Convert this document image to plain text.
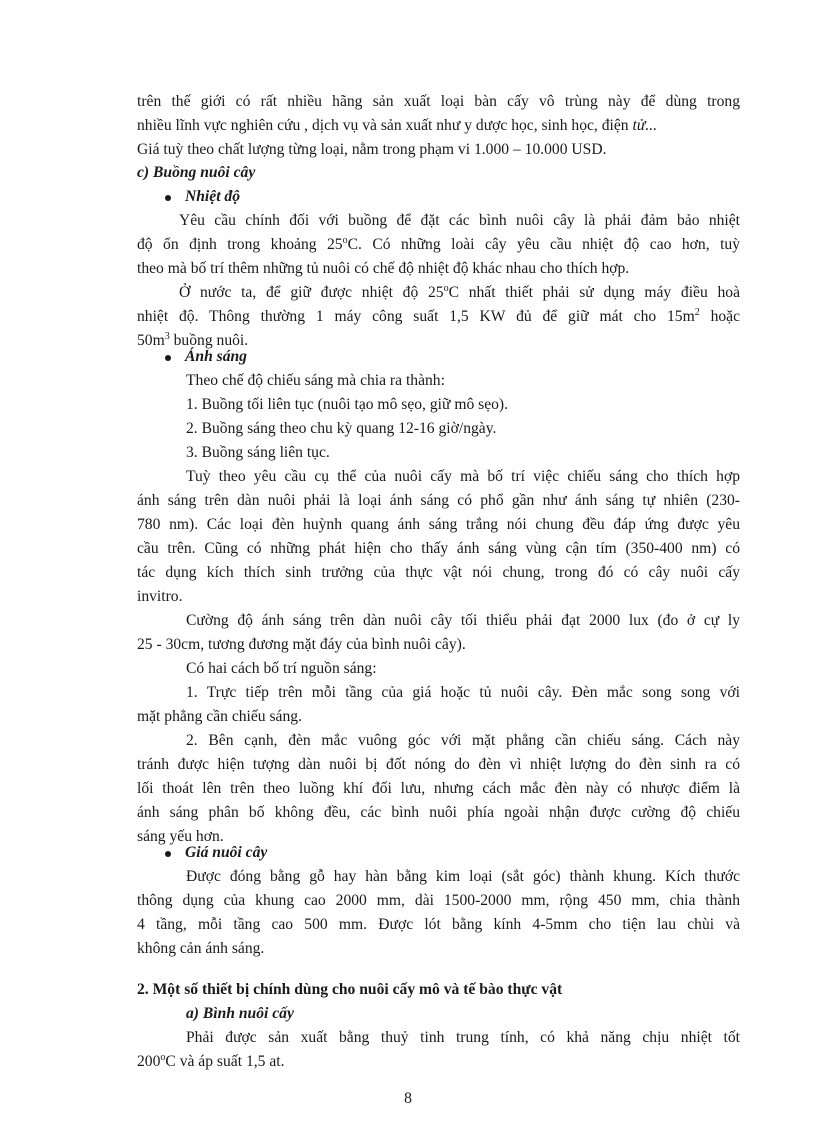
trên thế giới có rất nhiều hãng sản xuất loại bàn cấy vô trùng này để dùng trong
nhiều lĩnh vực nghiên cứu , dịch vụ và sản xuất như y dược học, sinh học, điện tử...
Giá tuỳ theo chất lượng từng loại, nằm trong phạm vi 1.000 – 10.000 USD.
c) Buồng nuôi cây
Nhiệt độ
Yêu cầu chính đối với buồng để đặt các bình nuôi cây là phải đảm bảo nhiệt
độ ổn định trong khoảng 25$^o$C. Có những loài cây yêu cầu nhiệt độ cao hơn, tuỳ
theo mà bố trí thêm những tủ nuôi có chế độ nhiệt độ khác nhau cho thích hợp.
Ở nước ta, để giữ được nhiệt độ 25$^o$C nhất thiết phải sử dụng máy điều hoà
nhiệt độ. Thông thường 1 máy công suất 1,5 KW đủ để giữ mát cho $15m^2$ hoặc
$50m^3$ buồng nuôi.
Ánh sáng
Theo chế độ chiếu sáng mà chia ra thành:
1. Buồng tối liên tục (nuôi tạo mô sẹo, giữ mô sẹo).
2. Buồng sáng theo chu kỳ quang 12-16 giờ/ngày.
3. Buồng sáng liên tục.
Tuỳ theo yêu cầu cụ thể của nuôi cấy mà bố trí việc chiếu sáng cho thích hợp
ánh sáng trên dàn nuôi phải là loại ánh sáng có phổ gần như ánh sáng tự nhiên (230-
780 nm). Các loại đèn huỳnh quang ánh sáng trắng nói chung đều đáp ứng được yêu
cầu trên. Cũng có những phát hiện cho thấy ánh sáng vùng cận tím (350-400 nm) có
tác dụng kích thích sinh trưởng của thực vật nói chung, trong đó có cây nuôi cấy
invitro.
Cường độ ánh sáng trên dàn nuôi cây tối thiểu phải đạt 2000 lux (đo ở cự ly
25 - 30cm, tương đương mặt đáy của bình nuôi cây).
Có hai cách bố trí nguồn sáng:
1. Trực tiếp trên mỗi tầng của giá hoặc tủ nuôi cây. Đèn mắc song song với
mặt phẳng cần chiếu sáng.
2. Bên cạnh, đèn mắc vuông góc với mặt phẳng cần chiếu sáng. Cách này
tránh được hiện tượng dàn nuôi bị đốt nóng do đèn vì nhiệt lượng do đèn sinh ra có
lối thoát lên trên theo luồng khí đối lưu, nhưng cách mắc đèn này có nhược điểm là
ánh sáng phân bố không đều, các bình nuôi phía ngoài nhận được cường độ chiếu
sáng yếu hơn.
Giá nuôi cây
Được đóng bằng gỗ hay hàn bằng kim loại (sắt góc) thành khung. Kích thước
thông dụng của khung cao 2000 mm, dài 1500-2000 mm, rộng 450 mm, chia thành
4 tầng, mỗi tầng cao 500 mm. Được lót bằng kính 4-5mm cho tiện lau chùi và
không cản ánh sáng.
2. Một số thiết bị chính dùng cho nuôi cấy mô và tế bào thực vật
a) Bình nuôi cấy
Phải được sản xuất bằng thuỷ tinh trung tính, có khả năng chịu nhiệt tốt
200$^o$C và áp suất 1,5 at.
8
